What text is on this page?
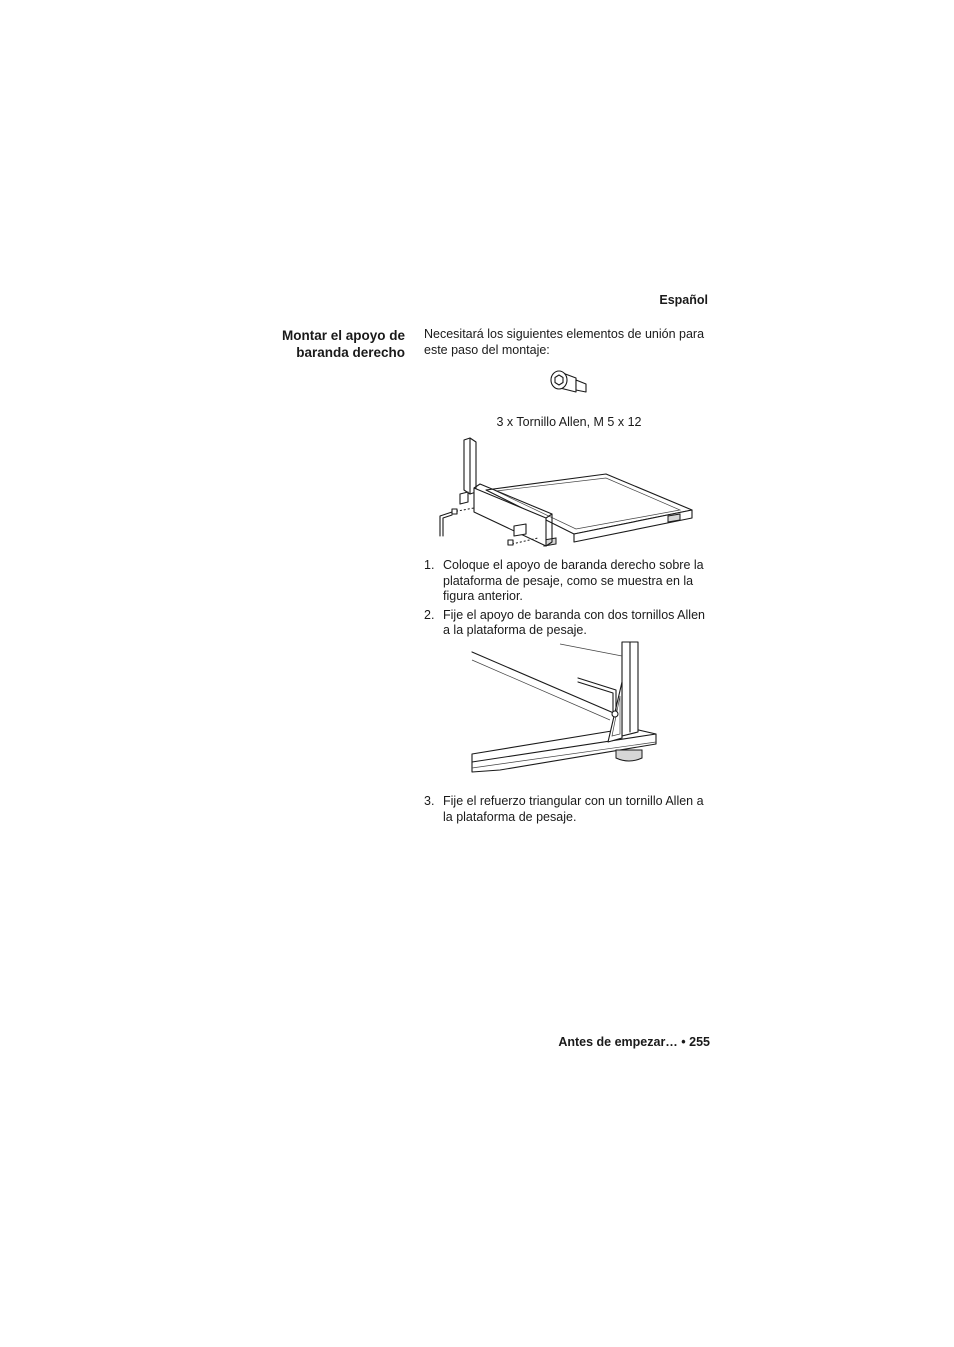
Español
Montar el apoyo de
baranda derecho
Necesitará los siguientes elementos de unión para este paso del montaje:
3 x Tornillo Allen, M 5 x 12
1. Coloque el apoyo de baranda derecho sobre la plataforma de pesaje, como se muestra en la figura anterior.
2. Fije el apoyo de baranda con dos tornillos Allen a la plataforma de pesaje.
3. Fije el refuerzo triangular con un tornillo Allen a la plataforma de pesaje.
Antes de empezar… • 255
